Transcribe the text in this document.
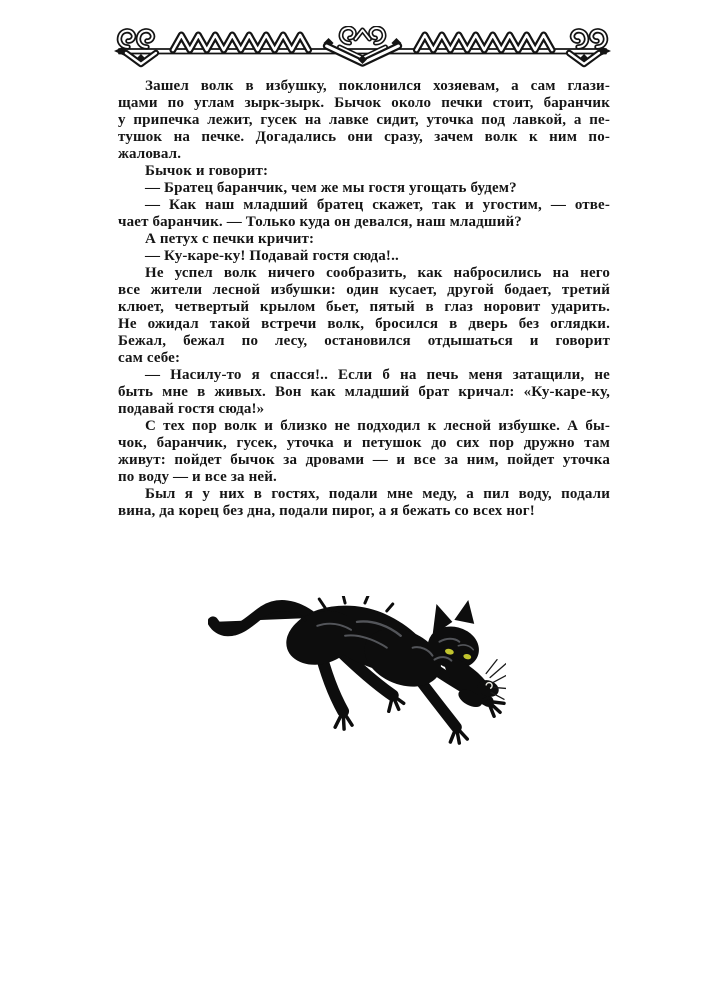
Зашел волк в избушку, поклонился хозяевам, а сам глази-
щами по углам зырк-зырк. Бычок около печки стоит, баранчик
у припечка лежит, гусек на лавке сидит, уточка под лавкой, а пе-
тушок на печке. Догадались они сразу, зачем волк к ним по-
жаловал.
Бычок и говорит:
— Братец баранчик, чем же мы гостя угощать будем?
— Как наш младший братец скажет, так и угостим, — отве-
чает баранчик. — Только куда он девался, наш младший?
А петух с печки кричит:
— Ку-каре-ку! Подавай гостя сюда!..
Не успел волк ничего сообразить, как набросились на него
все жители лесной избушки: один кусает, другой бодает, третий
клюет, четвертый крылом бьет, пятый в глаз норовит ударить.
Не ожидал такой встречи волк, бросился в дверь без оглядки.
Бежал, бежал по лесу, остановился отдышаться и говорит
сам себе:
— Насилу-то я спасся!.. Если б на печь меня затащили, не
быть мне в живых. Вон как младший брат кричал: «Ку-каре-ку,
подавай гостя сюда!»
С тех пор волк и близко не подходил к лесной избушке. А бы-
чок, баранчик, гусек, уточка и петушок до сих пор дружно там
живут: пойдет бычок за дровами — и все за ним, пойдет уточка
по воду — и все за ней.
Был я у них в гостях, подали мне меду, а пил воду, подали
вина, да корец без дна, подали пирог, а я бежать со всех ног!
